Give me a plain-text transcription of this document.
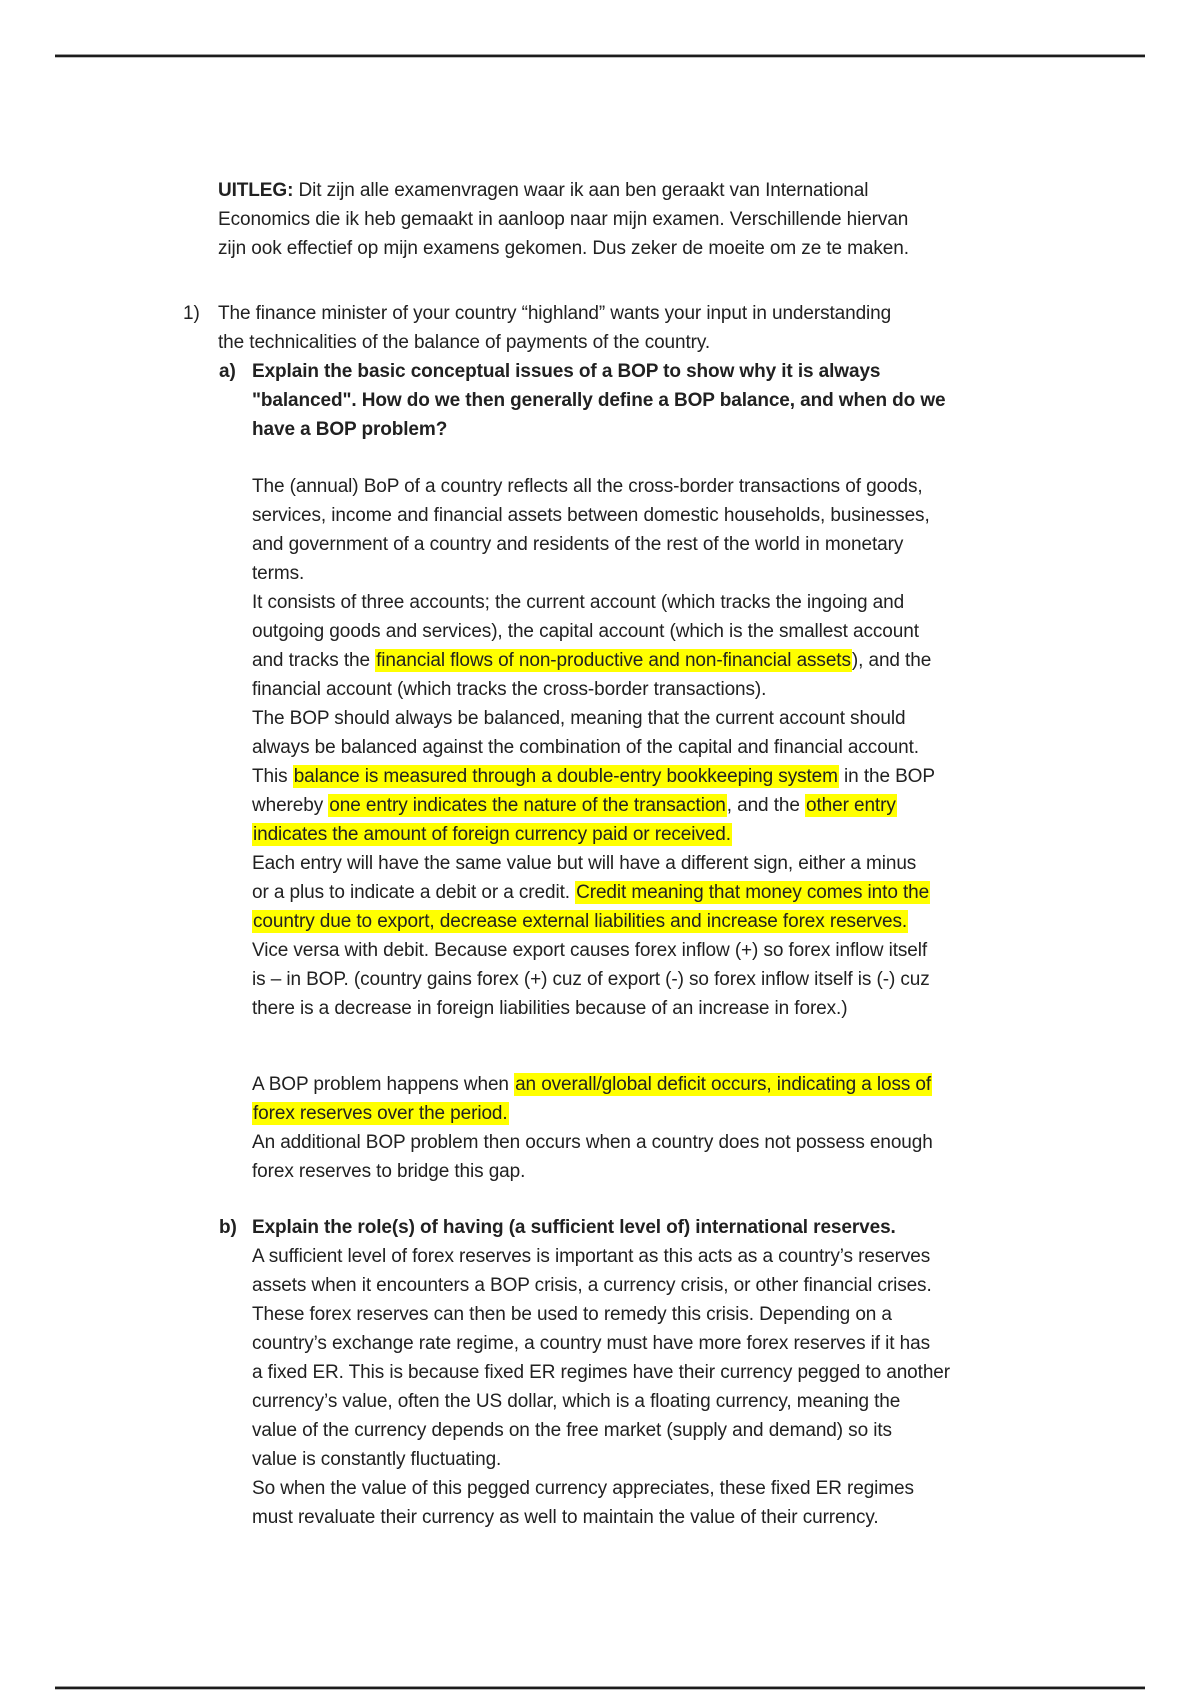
UITLEG: Dit zijn alle examenvragen waar ik aan ben geraakt van International
Economics die ik heb gemaakt in aanloop naar mijn examen. Verschillende hiervan
zijn ook effectief op mijn examens gekomen. Dus zeker de moeite om ze te maken.
1) The finance minister of your country “highland” wants your input in understanding
the technicalities of the balance of payments of the country.
a) Explain the basic conceptual issues of a BOP to show why it is always
"balanced". How do we then generally define a BOP balance, and when do we
have a BOP problem?
The (annual) BoP of a country reflects all the cross-border transactions of goods,
services, income and financial assets between domestic households, businesses,
and government of a country and residents of the rest of the world in monetary
terms.
It consists of three accounts; the current account (which tracks the ingoing and
outgoing goods and services), the capital account (which is the smallest account
and tracks the financial flows of non-productive and non-financial assets), and the
financial account (which tracks the cross-border transactions).
The BOP should always be balanced, meaning that the current account should
always be balanced against the combination of the capital and financial account.
This balance is measured through a double-entry bookkeeping system in the BOP
whereby one entry indicates the nature of the transaction, and the other entry
indicates the amount of foreign currency paid or received.
Each entry will have the same value but will have a different sign, either a minus
or a plus to indicate a debit or a credit. Credit meaning that money comes into the
country due to export, decrease external liabilities and increase forex reserves.
Vice versa with debit. Because export causes forex inflow (+) so forex inflow itself
is – in BOP. (country gains forex (+) cuz of export (-) so forex inflow itself is (-) cuz
there is a decrease in foreign liabilities because of an increase in forex.)
A BOP problem happens when an overall/global deficit occurs, indicating a loss of
forex reserves over the period.
An additional BOP problem then occurs when a country does not possess enough
forex reserves to bridge this gap.
b) Explain the role(s) of having (a sufficient level of) international reserves.
A sufficient level of forex reserves is important as this acts as a country’s reserves
assets when it encounters a BOP crisis, a currency crisis, or other financial crises.
These forex reserves can then be used to remedy this crisis. Depending on a
country’s exchange rate regime, a country must have more forex reserves if it has
a fixed ER. This is because fixed ER regimes have their currency pegged to another
currency’s value, often the US dollar, which is a floating currency, meaning the
value of the currency depends on the free market (supply and demand) so its
value is constantly fluctuating.
So when the value of this pegged currency appreciates, these fixed ER regimes
must revaluate their currency as well to maintain the value of their currency.
